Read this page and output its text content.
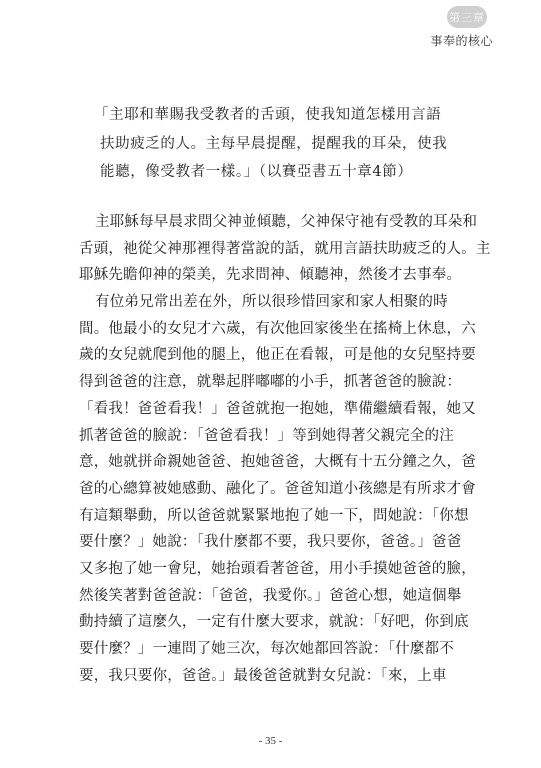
第三章
事奉的核心
「主耶和華賜我受教者的舌頭，使我知道怎樣用言語
扶助疲乏的人。主每早晨提醒，提醒我的耳朵，使我
能聽，像受教者一樣。」（以賽亞書五十章4節）
主耶穌每早晨求問父神並傾聽，父神保守祂有受教的耳朵和
舌頭，祂從父神那裡得著當說的話，就用言語扶助疲乏的人。主
耶穌先瞻仰神的榮美，先求問神、傾聽神，然後才去事奉。
有位弟兄常出差在外，所以很珍惜回家和家人相聚的時
間。他最小的女兒才六歲，有次他回家後坐在搖椅上休息，六
歲的女兒就爬到他的腿上，他正在看報，可是他的女兒堅持要
得到爸爸的注意，就舉起胖嘟嘟的小手，抓著爸爸的臉說：
「看我！爸爸看我！」爸爸就抱一抱她，準備繼續看報，她又
抓著爸爸的臉說：「爸爸看我！」等到她得著父親完全的注
意，她就拼命親她爸爸、抱她爸爸，大概有十五分鐘之久，爸
爸的心總算被她感動、融化了。爸爸知道小孩總是有所求才會
有這類舉動，所以爸爸就緊緊地抱了她一下，問她說：「你想
要什麼？」她說：「我什麼都不要，我只要你，爸爸。」爸爸
又多抱了她一會兒，她抬頭看著爸爸，用小手摸她爸爸的臉，
然後笑著對爸爸說：「爸爸，我愛你。」爸爸心想，她這個舉
動持續了這麼久，一定有什麼大要求，就說：「好吧，你到底
要什麼？」一連問了她三次，每次她都回答說：「什麼都不
要，我只要你，爸爸。」最後爸爸就對女兒說：「來，上車
- 35 -
